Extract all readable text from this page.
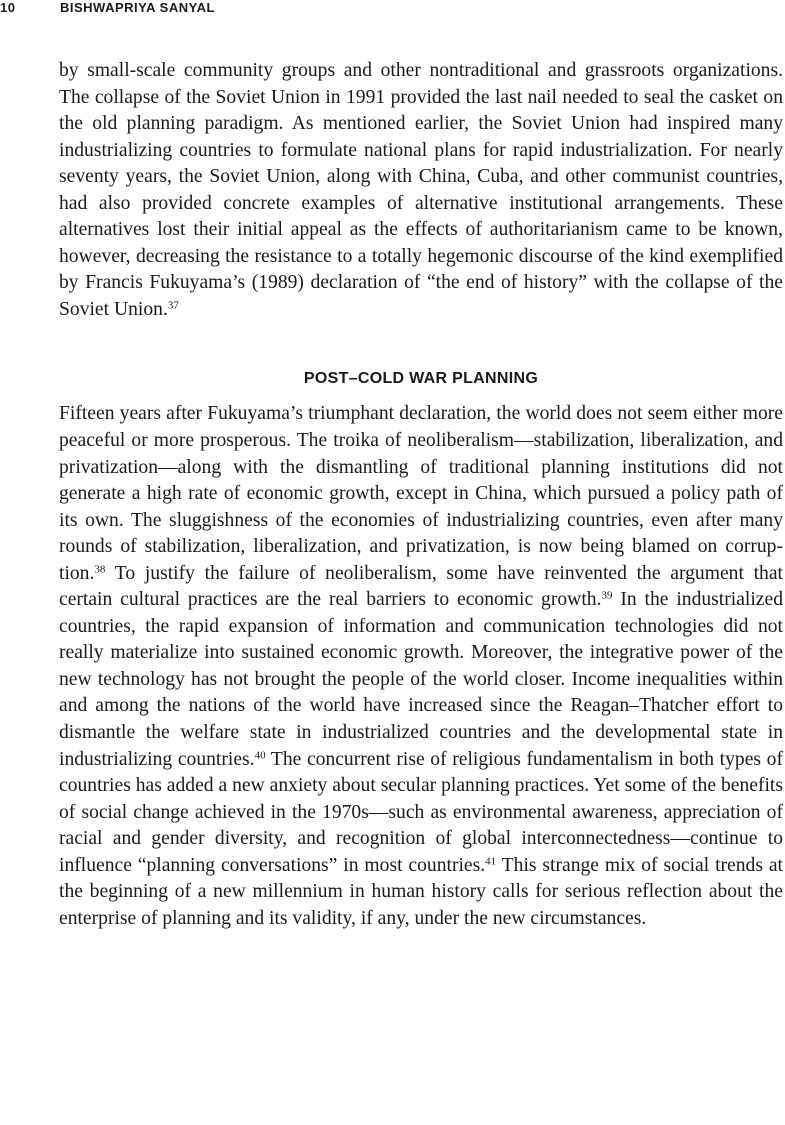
10	BISHWAPRIYA SANYAL

by small-scale community groups and other nontraditional and grassroots organizations. The collapse of the Soviet Union in 1991 provided the last nail needed to seal the casket on the old planning paradigm. As mentioned earlier, the Soviet Union had inspired many industrializing countries to formulate national plans for rapid industrialization. For nearly seventy years, the Soviet Union, along with China, Cuba, and other communist countries, had also provided concrete examples of alternative institutional arrangements. These alternatives lost their initial appeal as the effects of authoritarianism came to be known, however, decreasing the resistance to a totally hegemonic discourse of the kind exemplified by Francis Fukuyama’s (1989) declaration of “the end of history” with the collapse of the Soviet Union.$^{37}$

POST–COLD WAR PLANNING

Fifteen years after Fukuyama’s triumphant declaration, the world does not seem either more peaceful or more prosperous. The troika of neoliberalism—stabilization, liberalization, and privatization—along with the dismantling of traditional planning institutions did not generate a high rate of economic growth, except in China, which pursued a policy path of its own. The sluggishness of the economies of industrializing countries, even after many rounds of stabilization, liberalization, and privatization, is now being blamed on corruption.$^{38}$ To justify the failure of neoliberalism, some have reinvented the argument that certain cultural practices are the real barriers to economic growth.$^{39}$ In the industrialized countries, the rapid expansion of information and communication technologies did not really materialize into sustained economic growth. Moreover, the integrative power of the new technology has not brought the people of the world closer. Income inequalities within and among the nations of the world have increased since the Reagan–Thatcher effort to dismantle the welfare state in industrialized countries and the developmental state in industrializing countries.$^{40}$ The concurrent rise of religious fundamentalism in both types of countries has added a new anxiety about secular planning practices. Yet some of the benefits of social change achieved in the 1970s—such as environmental awareness, appreciation of racial and gender diversity, and recognition of global interconnectedness—continue to influence “planning conversations” in most countries.$^{41}$ This strange mix of social trends at the beginning of a new millennium in human history calls for serious reflection about the enterprise of planning and its validity, if any, under the new circumstances.
